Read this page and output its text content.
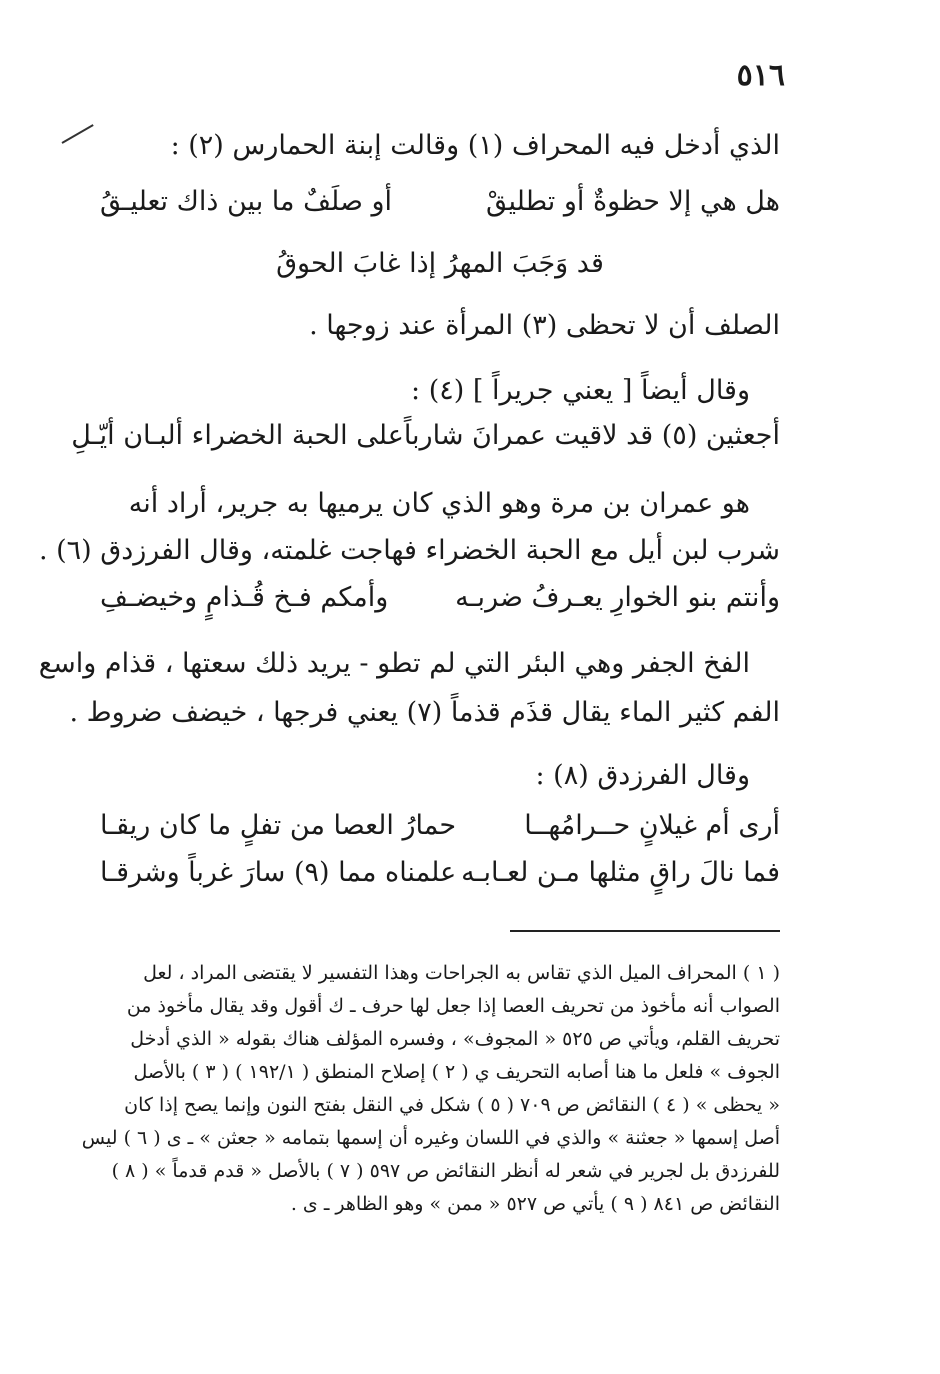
٥١٦
الذي أدخل فيه المحراف (١) وقالت إبنة الحمارس (٢) :
هل هي إلا حظوةٌ أو تطليقْ
أو صلَفٌ ما بين ذاك تعليـقُ
قد وَجَبَ المهرُ إذا غابَ الحوقُ
الصلف أن لا تحظى (٣) المرأة عند زوجها .
وقال أيضاً [ يعني جريراً ] (٤) :
أجعثين (٥) قد لاقيت عمرانَ شارباً
على الحبة الخضراء ألبـان أيّـلِ
هو عمران بن مرة وهو الذي كان يرميها به جرير، أراد أنه
شرب لبن أيل مع الحبة الخضراء فهاجت غلمته، وقال الفرزدق (٦) .
وأنتم بنو الخوارِ يعـرفُ ضربـه
وأمكم فـخ قُـذامٍ وخيضـفِ
الفخ الجفر وهي البئر التي لم تطو - يريد ذلك سعتها ، قذام واسع
الفم كثير الماء يقال قذَم قذماً (٧) يعني فرجها ، خيضف ضروط .
وقال الفرزدق (٨) :
أرى أم غيلانٍ حــرامُهــا
حمارُ العصا من تفلٍ ما كان ريقـا
فما نالَ راقٍ مثلها مـن لعـابـه
علمناه مما (٩) سارَ غرباً وشرقـا
( ١ ) المحراف الميل الذي تقاس به الجراحات وهذا التفسير لا يقتضى المراد ، لعل
الصواب أنه مأخوذ من تحريف العصا إذا جعل لها حرف ـ ك أقول وقد يقال مأخوذ من
تحريف القلم، ويأتي ص ٥٢٥ « المجوف» ، وفسره المؤلف هناك بقوله « الذي أدخل
الجوف » فلعل ما هنا أصابه التحريف ي ( ٢ ) إصلاح المنطق ( ١٩٢/١ ) ( ٣ ) بالأصل
« يحظى » ( ٤ ) النقائض ص ٧٠٩ ( ٥ ) شكل في النقل بفتح النون وإنما يصح إذا كان
أصل إسمها « جعثنة » والذي في اللسان وغيره أن إسمها بتمامه « جعثن » ـ ى ( ٦ ) ليس
للفرزدق بل لجرير في شعر له أنظر النقائض ص ٥٩٧ ( ٧ ) بالأصل « قدم قدماً » ( ٨ )
النقائض ص ٨٤١ ( ٩ ) يأتي ص ٥٢٧ « ممن » وهو الظاهر ـ ى .
